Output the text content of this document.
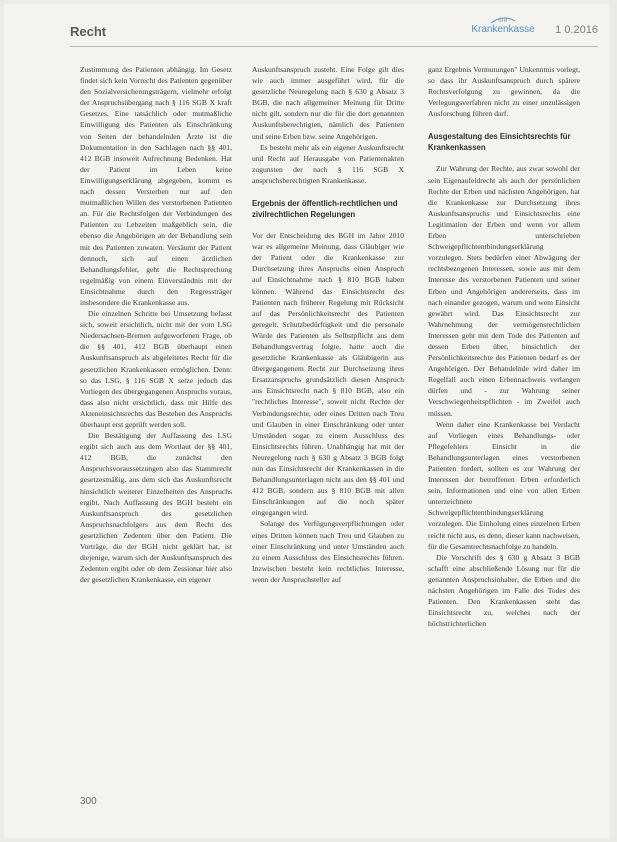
Recht
die
Krankenkasse 1 0.2016

Zustimmung des Patienten abhängig. Im Gesetz findet sich kein Vorrecht des Patienten gegenüber den Sozialversicherungsträgern, vielmehr erfolgt der Anspruchsübergang nach § 116 SGB X kraft Gesetzes. Eine tatsächlich oder mutmaßliche Einwilligung des Patienten als Einschränkung von Seiten der behandelnden Ärzte ist die Dokumentation in den Sachlagen nach §§ 401, 412 BGB insoweit Aufrechnung Bedenken. Hat der Patient im Leben keine Einwilligungserklärung abgegeben, kommt es nach dessen Versterben nur auf den mutmaßlichen Willen des verstorbenen Patienten an. Für die Rechtsfolgen der Verbindungen des Patienten zu Lebzeiten maßgeblich sein, die ebenso die Angehörigen an der Behandlung sein mit des Patienten zuwaten. Versäumt der Patient dennoch, sich auf einen ärztlichen Behandlungsfehler, geht die Rechtsprechung regelmäßig von einem Einverständnis mit der Einsichtnahme durch den Regressträger insbesondere die Krankenkasse aus.

Die einzelnen Schritte bei Umsetzung befasst sich, soweit ersichtlich, nicht mit der vom LSG Niedersachsen-Bremen aufgeworfenen Frage, ob die §§ 401, 412 BGB überhaupt einen Auskunftsanspruch als abgeleitetes Recht für die gesetzlichen Krankenkassen ermöglichen. Denn: so das LSG, § 116 SGB X setze jedoch das Vorliegen des übergegangenen Anspruchs voraus, dass also nicht ersichtlich, dass mit Hilfe des Akteneinsichtsrechts das Bestehen des Anspruchs überhaupt erst geprüft werden soll.

Die Bestätigung der Auffassung des LSG ergibt sich auch aus dem Wortlaut der §§ 401, 412 BGB, die zunächst den Anspruchsvoraussetzungen also das Stammrecht gesetzesmäßig, aus dem sich das Auskunftsrecht hinsichtlich weiterer Einzelheiten des Anspruchs ergibt. Nach Auffassung des BGH besteht ein Auskunftsanspruch des gesetzlichen Anspruchsnachfolgers aus dem Recht des gesetzlichen Zedenten über den Patient. Die Vorträge, die der BGH nicht geklärt hat, ist diejenige, warum sich der Auskunftsanspruch des Zedenten ergibt oder ob dem Zessionar hier also der gesetzlichen Krankenkasse, ein eigener

Auskunftsanspruch zusteht. Eine Folge gilt dies wie auch immer ausgeführt wird, für die gesetzliche Neuregelung nach § 630 g Absatz 3 BGB, die nach allgemeiner Meinung für Dritte nicht gilt, sondern nur die für die dort genannten Auskunftsberechtigten, nämlich des Patienten und seine Erben bzw. seine Angehörigen.

Es besteht mehr als ein eigener Auskunftsrecht und Recht auf Herausgabe von Patientenakten zugunsten der nach § 116 SGB X anspruchsberechtigten Krankenkasse.

Ergebnis der öffentlich-rechtlichen und zivilrechtlichen Regelungen

Vor der Entscheidung des BGH im Jahre 2010 war es allgemeine Meinung, dass Gläubiger wie der Patient oder die Krankenkasse zur Durchsetzung ihres Anspruchs einen Anspruch auf Einsichtnahme nach § 810 BGB haben können. Während das Einsichtsrecht des Patienten nach früherer Regelung mit Rücksicht auf das Persönlichkeitsrecht des Patienten geregelt. Schutzbedürftigkeit und die personale Würde des Patienten als Selbstpflicht aus dem Behandlungsvertrag folgte, hatte auch die gesetzliche Krankenkasse als Gläubigerin aus übergegangenem Recht zur Durchsetzung ihres Ersatzanspruchs grundsätzlich diesen Anspruch aus Einsichtsrecht nach § 810 BGB, also ein "rechtliches Interesse", soweit nicht Rechte der Verbindungsrechte, oder eines Dritten nach Treu und Glauben in einer Einschränkung oder unter Umständen sogar zu einem Ausschluss des Einsichtsrechts führen. Unabhängig hat mit der Neuregelung nach § 630 g Absatz 3 BGB folgt nun das Einsichtsrecht der Krankenkassen in die Behandlungsunterlagen nicht aus den §§ 401 und 412 BGB, sondern aus § 810 BGB mit allen Einschränkungen auf die noch später eingegangen wird.

Solange des Verfügungsverpflichtungen oder eines Dritten können nach Treu und Glauben zu einer Einschränkung und unter Umständen auch zu einem Ausschluss des Einsichtsrechts führen. Inzwischen besteht kein rechtliches Interesse, wenn der Anspruchsteller auf

ganz Ergebnis Vermutungen" Unkenntnis vorlegt, so dass ihr Auskunftsanspruch durch spätere Rechtsverfolgung zu gewinnen, da die Verlegungsverfahren nicht zu einer unzulässigen Ausforschung führen darf.

Ausgestaltung des Einsichtsrechts für Krankenkassen

Zur Wahrung der Rechte, aus zwar sowohl der sein Eigenaufeldrecht als auch der persönlichen Rechte der Erben und nächsten Angehörigen, hat die Krankenkasse zur Durchsetzung ihres Auskunftsanspruchs und Einsichtsrechts eine Legitimation der Erben und wenn vor allem Erben unterschrieben Schweigepflichtentbindungserklärung vorzulegen. Stets bedürfen einer Abwägung der rechtsbezogenen Interessen, sowie aus mit dem Interesse des verstorbenen Patienten und seiner Erben und Angehörigen andererseits, dass im nach einander gezogen, warum und wem Einsicht gewährt wird. Das Einsichtsrecht zur Wahrnehmung der vermögensrechtlichen Interessen geht mit dem Tode des Patienten auf dessen Erben über, hinsichtlich der Persönlichkeitsrechte des Patienten bedarf es der Angehörigen. Der Behandelnde wird daher im Regelfall auch einen Erbennachweis verlangen dürfen und - zur Wahrung seiner Verschwiegenheitspflichten - im Zweifel auch müssen.

Wenn daher eine Krankenkasse bei Verdacht auf Vorliegen eines Behandlungs- oder Pflegefehlers Einsicht in die Behandlungsunterlagen eines verstorbenen Patienten fordert, sollten es zur Wahrung der Interessen der betroffenen Erben erforderlich sein, Informationen und eine von allen Erben unterzeichnete Schweigepflichtentbindungserklärung vorzulegen. Die Einholung eines einzelnen Erben reicht nicht aus, es denn, dieser kann nachweisen, für die Gesamtrechtsnachfolge zu handeln.

Die Vorschrift des § 630 g Absatz 3 BGB schafft eine abschließende Lösung nur für die genannten Anspruchsinhaber, die Erben und die nächsten Angehörigen im Falle des Todes des Patienten. Den Krankenkassen steht das Einsichtsrecht zu, welches nach der höchstrichterlichen

300
